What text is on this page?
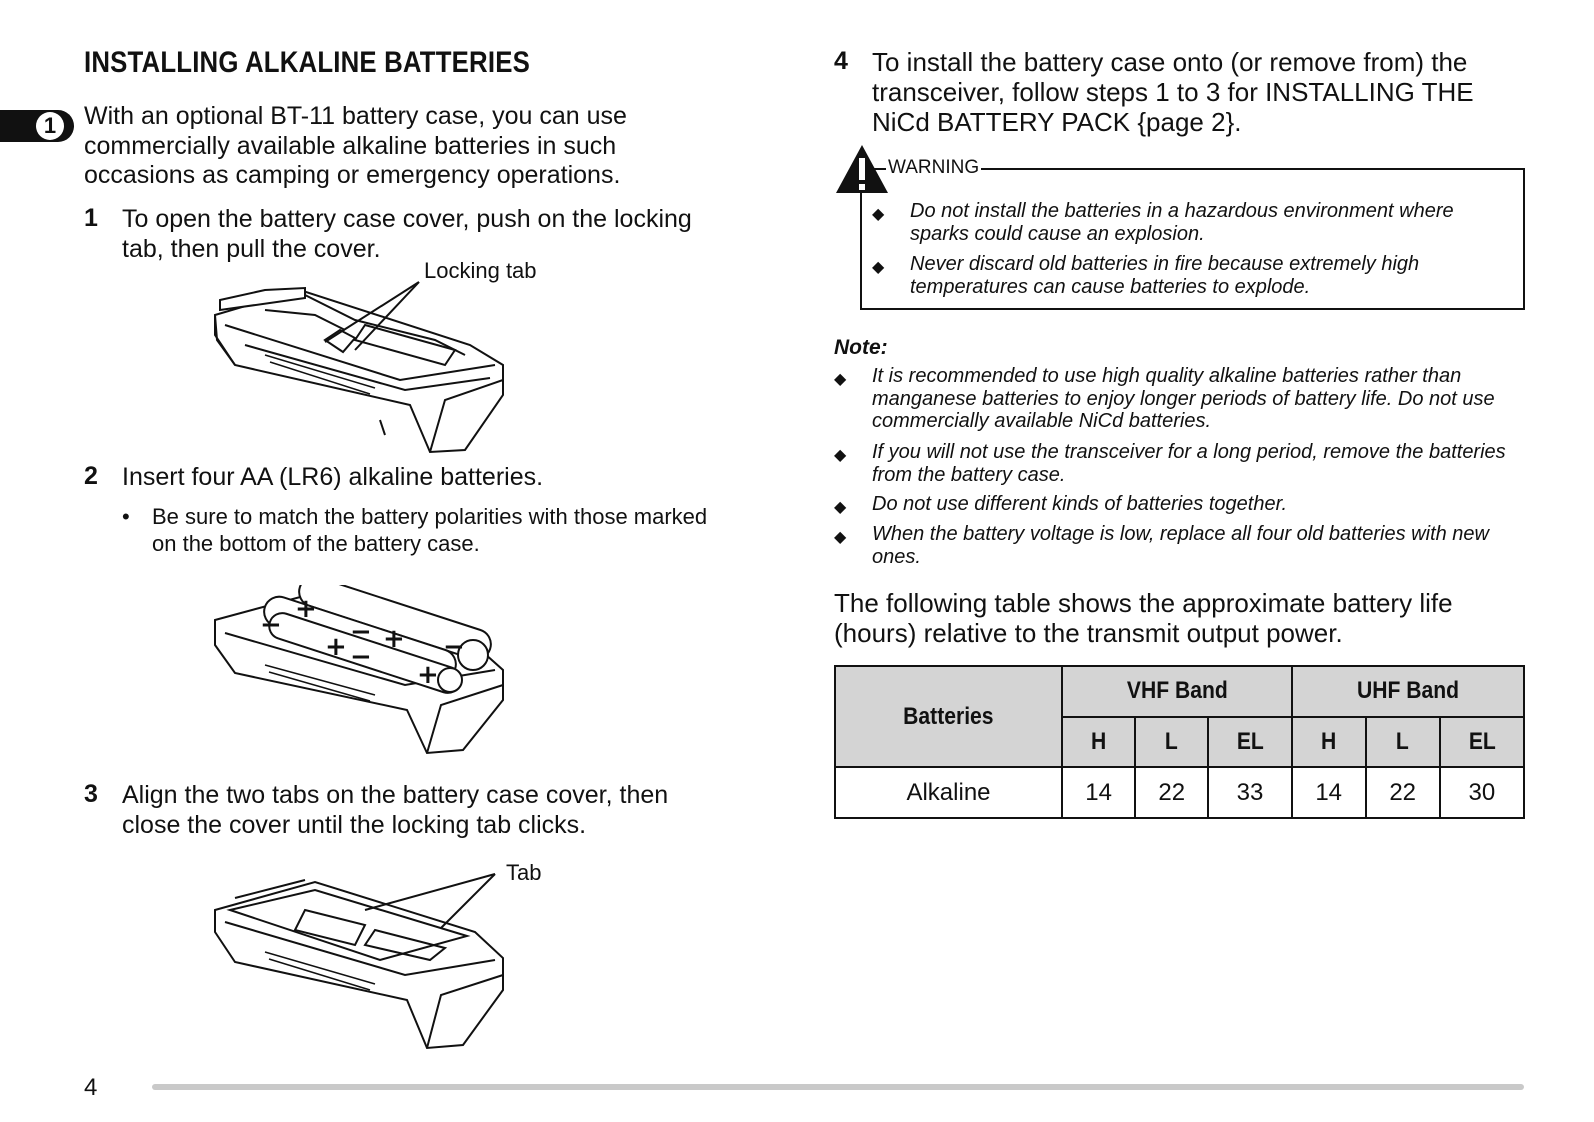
INSTALLING ALKALINE BATTERIES
1	With an optional BT-11 battery case, you can use commercially available alkaline batteries in such occasions as camping or emergency operations.
1 To open the battery case cover, push on the locking tab, then pull the cover.
Locking tab
2 Insert four AA (LR6) alkaline batteries.
• Be sure to match the battery polarities with those marked on the bottom of the battery case.
+
− +
+ −	−
+
−
3 Align the two tabs on the battery case cover, then close the cover until the locking tab clicks.
Tab
4 To install the battery case onto (or remove from) the transceiver, follow steps 1 to 3 for INSTALLING THE NiCd BATTERY PACK {page 2}.
WARNING
◆ Do not install the batteries in a hazardous environment where sparks could cause an explosion.
◆ Never discard old batteries in fire because extremely high temperatures can cause batteries to explode.
Note:
◆ It is recommended to use high quality alkaline batteries rather than manganese batteries to enjoy longer periods of battery life. Do not use commercially available NiCd batteries.
◆ If you will not use the transceiver for a long period, remove the batteries from the battery case.
◆ Do not use different kinds of batteries together.
◆ When the battery voltage is low, replace all four old batteries with new ones.
The following table shows the approximate battery life (hours) relative to the transmit output power.
Batteries	VHF Band			UHF Band		
	H	L	EL	H	L	EL
Alkaline	14	22	33	14	22	30
4
